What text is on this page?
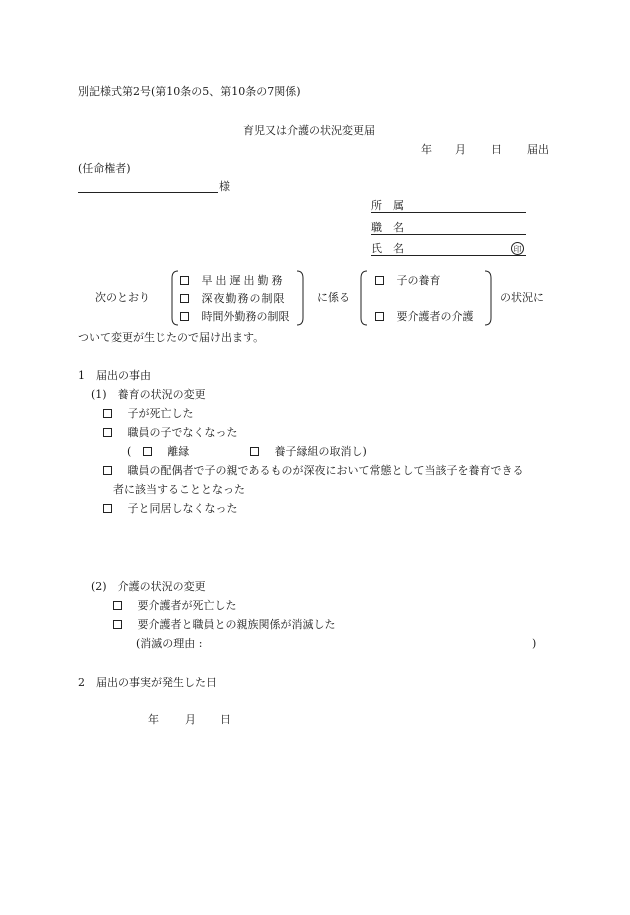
別記様式第2号(第10条の5、第10条の7関係)
育児又は介護の状況変更届
年 月 日 届出
(任命権者)
様
所　属
職　名
氏　名	印
次のとおり
早出遅出勤務
深夜勤務の制限
時間外勤務の制限
に係る
子の養育
要介護者の介護
の状況に
ついて変更が生じたので届け出ます。
1　届出の事由
(1)　養育の状況の変更
子が死亡した
職員の子でなくなった
(	離縁	養子縁組の取消し)
職員の配偶者で子の親であるものが深夜において常態として当該子を養育できる
者に該当することとなった
子と同居しなくなった
(2)　介護の状況の変更
要介護者が死亡した
要介護者と職員との親族関係が消滅した
(消滅の理由 :	)
2　届出の事実が発生した日
年 月 日
